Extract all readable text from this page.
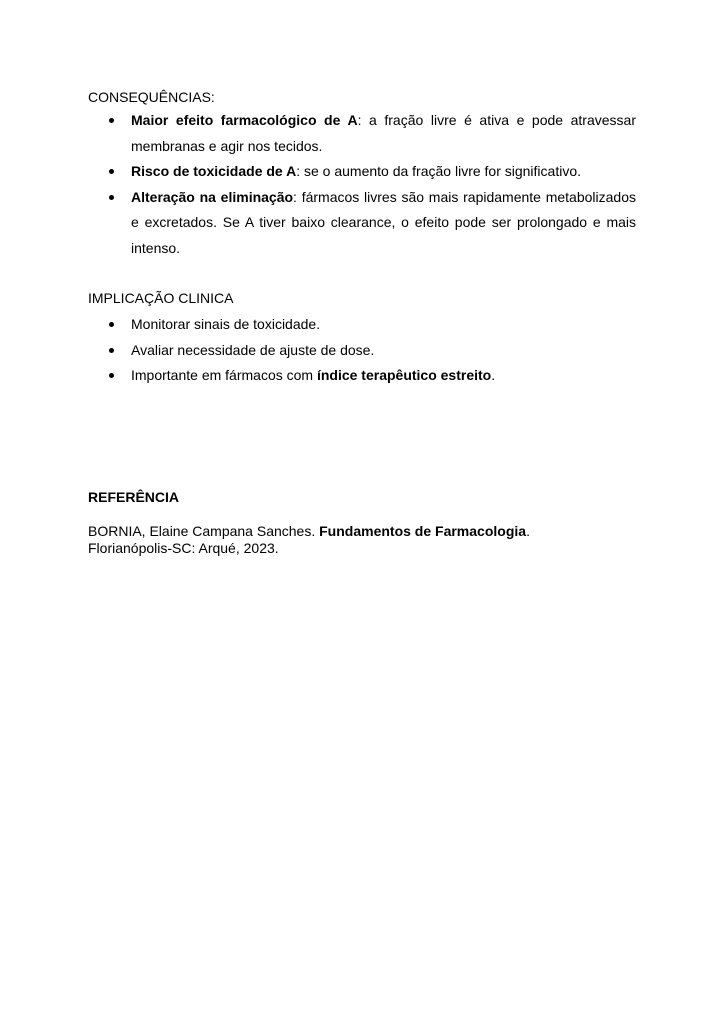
CONSEQUÊNCIAS:
Maior efeito farmacológico de A: a fração livre é ativa e pode atravessar membranas e agir nos tecidos.
Risco de toxicidade de A: se o aumento da fração livre for significativo.
Alteração na eliminação: fármacos livres são mais rapidamente metabolizados e excretados. Se A tiver baixo clearance, o efeito pode ser prolongado e mais intenso.
IMPLICAÇÃO CLINICA
Monitorar sinais de toxicidade.
Avaliar necessidade de ajuste de dose.
Importante em fármacos com índice terapêutico estreito.
REFERÊNCIA

BORNIA, Elaine Campana Sanches. Fundamentos de Farmacologia.
Florianópolis-SC: Arqué, 2023.
